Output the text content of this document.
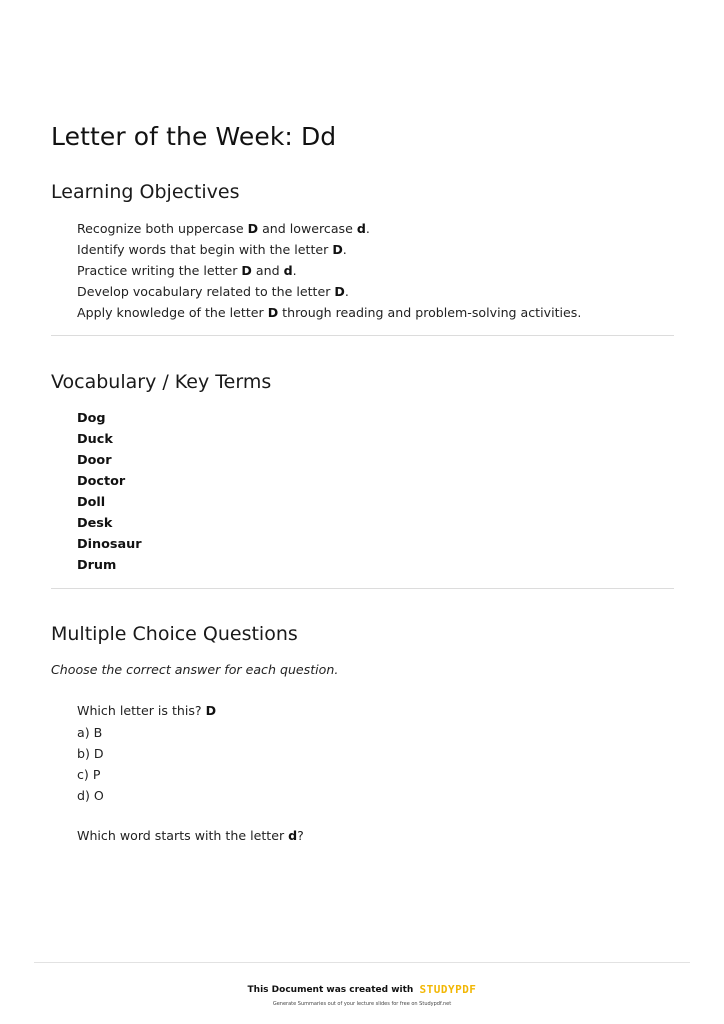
Letter of the Week: Dd
Learning Objectives
Recognize both uppercase D and lowercase d.
Identify words that begin with the letter D.
Practice writing the letter D and d.
Develop vocabulary related to the letter D.
Apply knowledge of the letter D through reading and problem-solving activities.
Vocabulary / Key Terms
Dog
Duck
Door
Doctor
Doll
Desk
Dinosaur
Drum
Multiple Choice Questions

Choose the correct answer for each question.

Which letter is this? D

a) B
b) D
c) P
d) O

Which word starts with the letter d?

This Document was created with STUDYPDF
Generate Summaries out of your lecture slides for free on Studypdf.net
